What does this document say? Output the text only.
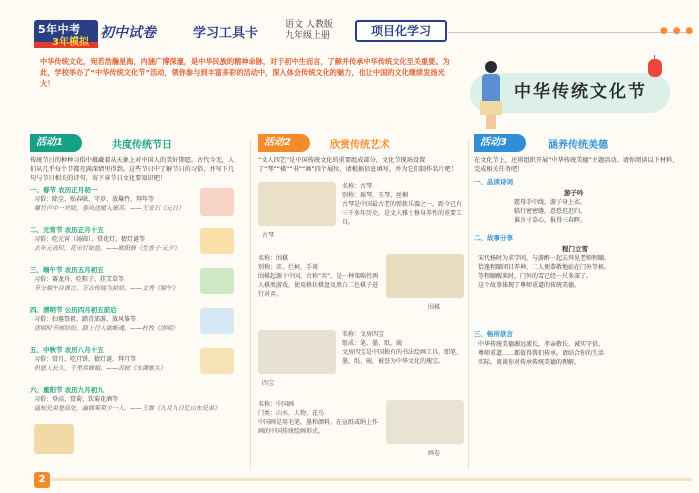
5年中考
3年模拟
初中试卷	学习工具卡
语文 人教版
九年级上册	项目化学习	● ● ●

中华传统文化，宛若浩瀚星海，内涵广博深邃，是中华民族的精神命脉，对于初中生而言，了解并传承中华传统文化至关重要。为此，学校举办了“中华传统文化节”活动，领你参与到丰富多彩的活动中，深入体会传统文化的魅力，也让中国的文化继续发扬光大！	中华传统文化节
活动1	共度传统节日

传统节日的种种习俗中蕴藏着从天象上对中国人的美好期愿。古代今无，人们从几乎每个节都充满深情里得到。这些节日中了解节日的习俗，并写下几句与节日相关的诗句，寄下章节日文化要知识吧！

一、春节 农历正月初一
习俗：除尘、贴春联、守岁、放爆竹、拜年等
爆竹声中一岁除，春风送暖入屠苏。——王安石《元日》
二、元宵节 农历正月十五
习俗：吃元宵（汤圆）、赏花灯、猜灯谜等
去年元夜时，花市灯如昼。——欧阳修《生查子·元夕》
三、端午节 农历五月初五
习俗：赛龙舟、吃粽子、挂艾草等
节分端午自谁言，万古传闻为屈原。——文秀《端午》
四、清明节 公历四月初五前后
习俗：扫墓祭祖、踏青郊游、放风筝等
清明时节雨纷纷，路上行人欲断魂。——杜牧《清明》
五、中秋节 农历八月十五
习俗：赏月、吃月饼、猜灯谜、拜月等
但愿人长久，千里共婵娟。——苏轼《水调歌头》
六、重阳节 农历九月初九
习俗：登高、赏菊、饮菊花酒等
遥知兄弟登高处，遍插茱萸少一人。——王维《九月九日忆山东兄弟》
活动2	欣赏传统艺术

“文人四艺”是中国传统文化的重要组成部分，文化节现场设置了“琴”“棋”“书”“画”四个展位，请根据信息填写，并为它们制作名片吧！

古琴
名称：古琴
别称：瑶琴、玉琴、丝桐
古琴是中国最古老的弹拨乐器之一，距今已有三千多年历史，是文人雅士修身养性的重要工具。
名称：围棋
别称：弈、烂柯、手谈
围棋起源于中国，古称“弈”，是一种策略性两人棋类游戏，使用格状棋盘及黑白二色棋子进行对弈。
围棋
四宝
名称：文房四宝
组成：笔、墨、纸、砚
文房四宝是中国独有的书法绘画工具，即笔、墨、纸、砚，被誉为中华文化的瑰宝。
名称：中国画
门类：山水、人物、花鸟
中国画是用毛笔、墨和颜料，在宣纸或绢上作画的中国传统绘画形式。
画卷
活动3	涵养传统美德

在文化节上，还将组织开展“中华传统美德”主题活动。请你阅读以下材料，完成相关任务吧！

一、品读诗词
游子吟
慈母手中线，游子身上衣。
临行密密缝，意恐迟迟归。
谁言寸草心，报得三春晖。
二、故事分享
程门立雪
宋代杨时为求学问，与游酢一起去拜见老师程颐。
恰逢程颐闭目养神，二人便恭敬地站在门外等候。
等程颐醒来时，门外的雪已经一尺多深了。
这个故事体现了尊师重道的传统美德。
三、畅所欲言
中华传统美德源远流长，孝亲敬长、诚实守信、
尊师重道……都值得我们传承。请结合你的生活
实际，谈谈你对传承传统美德的理解。
2
